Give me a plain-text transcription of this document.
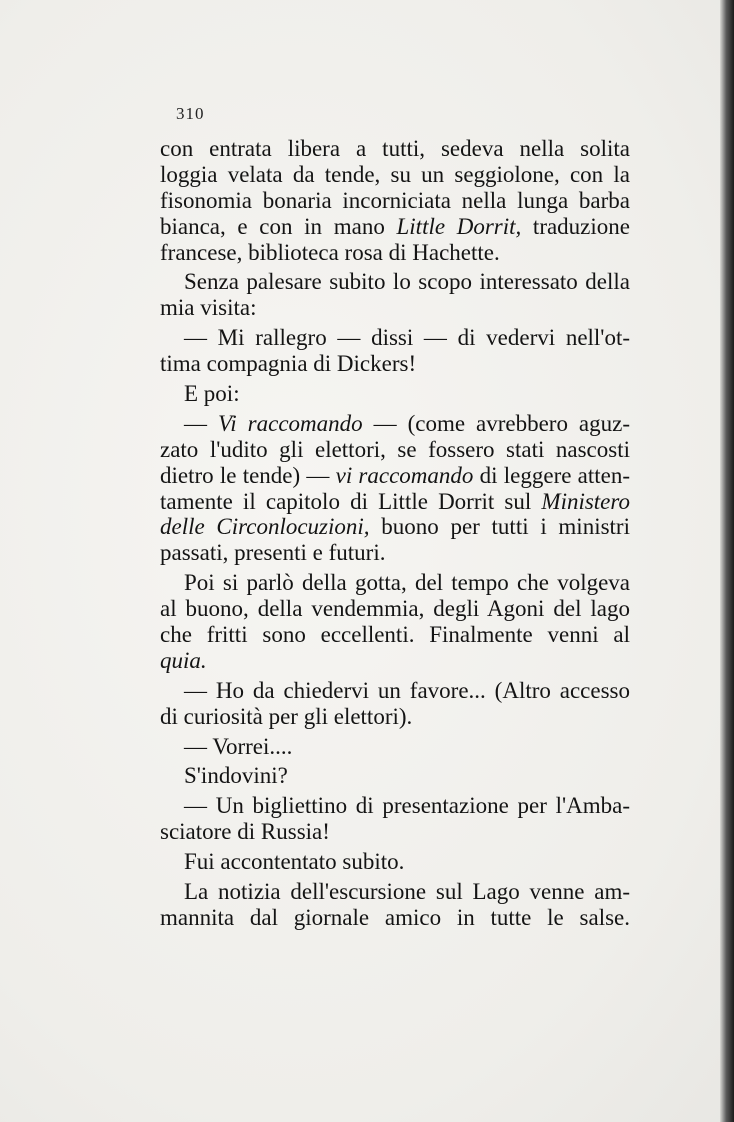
310
con entrata libera a tutti, sedeva nella solita
loggia velata da tende, su un seggiolone, con la
fisonomia bonaria incorniciata nella lunga barba
bianca, e con in mano Little Dorrit, traduzione
francese, biblioteca rosa di Hachette.
Senza palesare subito lo scopo interessato della
mia visita:
— Mi rallegro — dissi — di vedervi nell'ot-
tima compagnia di Dickers!
E poi:
— Vi raccomando — (come avrebbero aguz-
zato l'udito gli elettori, se fossero stati nascosti
dietro le tende) — vi raccomando di leggere atten-
tamente il capitolo di Little Dorrit sul Ministero
delle Circonlocuzioni, buono per tutti i ministri
passati, presenti e futuri.
Poi si parlò della gotta, del tempo che volgeva
al buono, della vendemmia, degli Agoni del lago
che fritti sono eccellenti. Finalmente venni al
quia.
— Ho da chiedervi un favore... (Altro accesso
di curiosità per gli elettori).
— Vorrei....
S'indovini?
— Un bigliettino di presentazione per l'Amba-
sciatore di Russia!
Fui accontentato subito.
La notizia dell'escursione sul Lago venne am-
mannita dal giornale amico in tutte le salse.
